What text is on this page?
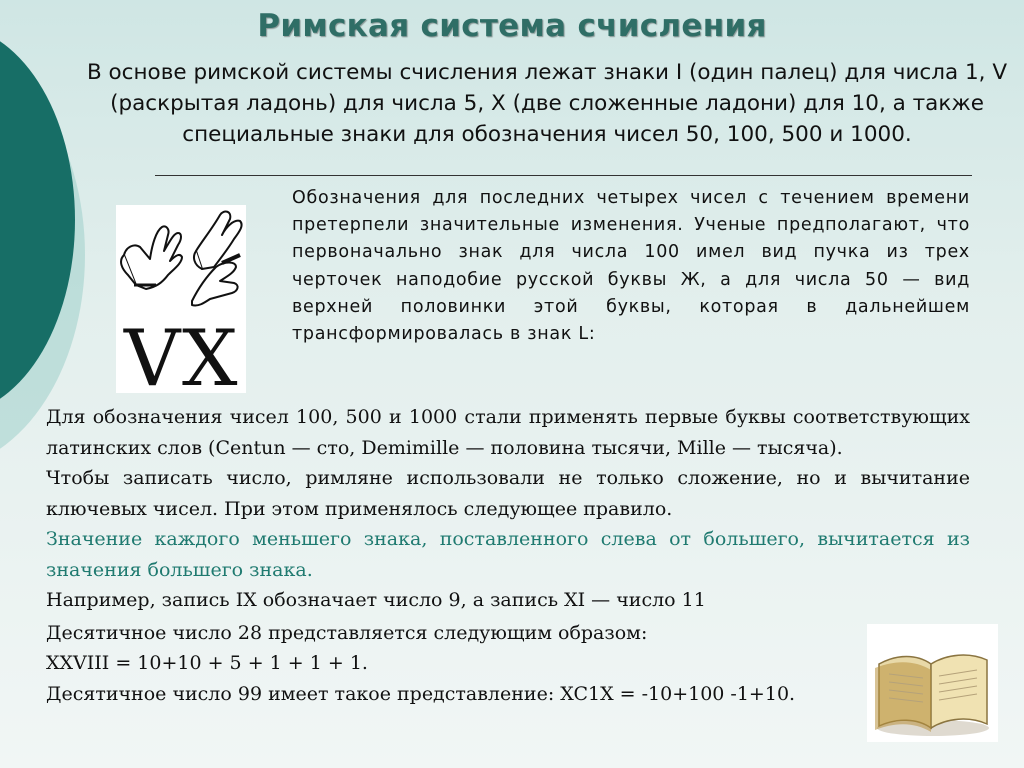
Римская система счисления
В основе римской системы счисления лежат знаки I (один палец) для числа 1, V (раскрытая ладонь) для числа 5, X (две сложенные ладони) для 10, а также специальные знаки для обозначения чисел 50, 100, 500 и 1000.
V X
Обозначения для последних четырех чисел с течением времени претерпели значительные изменения. Ученые предполагают, что первоначально знак для числа 100 имел вид пучка из трех черточек наподобие русской буквы Ж, а для числа 50 — вид верхней половинки этой буквы, которая в дальнейшем трансформировалась в знак L:

Для обозначения чисел 100, 500 и 1000 стали применять первые буквы соответствующих латинских слов (Centun — сто, Demimille — половина тысячи, Mille — тысяча).

Чтобы записать число, римляне использовали не только сложение, но и вычитание ключевых чисел. При этом применялось следующее правило.

Значение каждого меньшего знака, поставленного слева от большего, вычитается из значения большего знака.

Например, запись IX обозначает число 9, а запись XI — число 11

Десятичное число 28 представляется следующим образом:

XXVIII = 10+10 + 5 + 1 + 1 + 1.

Десятичное число 99 имеет такое представление: XC1X = -10+100 -1+10.
